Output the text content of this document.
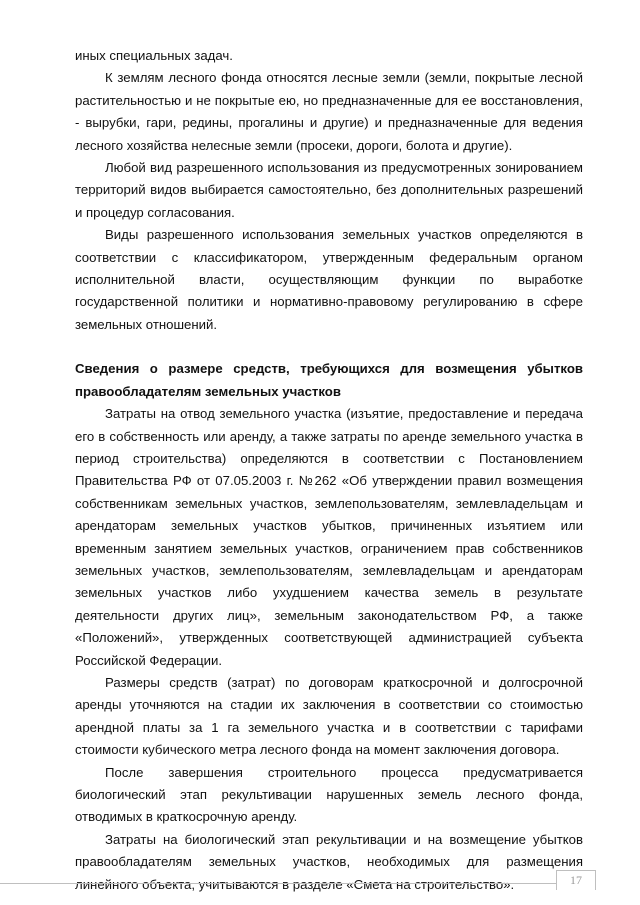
иных специальных задач.

К землям лесного фонда относятся лесные земли (земли, покрытые лесной растительностью и не покрытые ею, но предназначенные для ее восстановления, - вырубки, гари, редины, прогалины и другие) и предназначенные для ведения лесного хозяйства нелесные земли (просеки, дороги, болота и другие).

Любой вид разрешенного использования из предусмотренных зонированием территорий видов выбирается самостоятельно, без дополнительных разрешений и процедур согласования.

Виды разрешенного использования земельных участков определяются в соответствии с классификатором, утвержденным федеральным органом исполнительной власти, осуществляющим функции по выработке государственной политики и нормативно-правовому регулированию в сфере земельных отношений.

Сведения о размере средств, требующихся для возмещения убытков правообладателям земельных участков

Затраты на отвод земельного участка (изъятие, предоставление и передача его в собственность или аренду, а также затраты по аренде земельного участка в период строительства) определяются в соответствии с Постановлением Правительства РФ от 07.05.2003 г. №262 «Об утверждении правил возмещения собственникам земельных участков, землепользователям, землевладельцам и арендаторам земельных участков убытков, причиненных изъятием или временным занятием земельных участков, ограничением прав собственников земельных участков, землепользователям, землевладельцам и арендаторам земельных участков либо ухудшением качества земель в результате деятельности других лиц», земельным законодательством РФ, а также «Положений», утвержденных соответствующей администрацией субъекта Российской Федерации.

Размеры средств (затрат) по договорам краткосрочной и долгосрочной аренды уточняются на стадии их заключения в соответствии со стоимостью арендной платы за 1 га земельного участка и в соответствии с тарифами стоимости кубического метра лесного фонда на момент заключения договора.

После завершения строительного процесса предусматривается биологический этап рекультивации нарушенных земель лесного фонда, отводимых в краткосрочную аренду.

Затраты на биологический этап рекультивации и на возмещение убытков правообладателям земельных участков, необходимых для размещения линейного объекта, учитываются в разделе «Смета на строительство».	17
